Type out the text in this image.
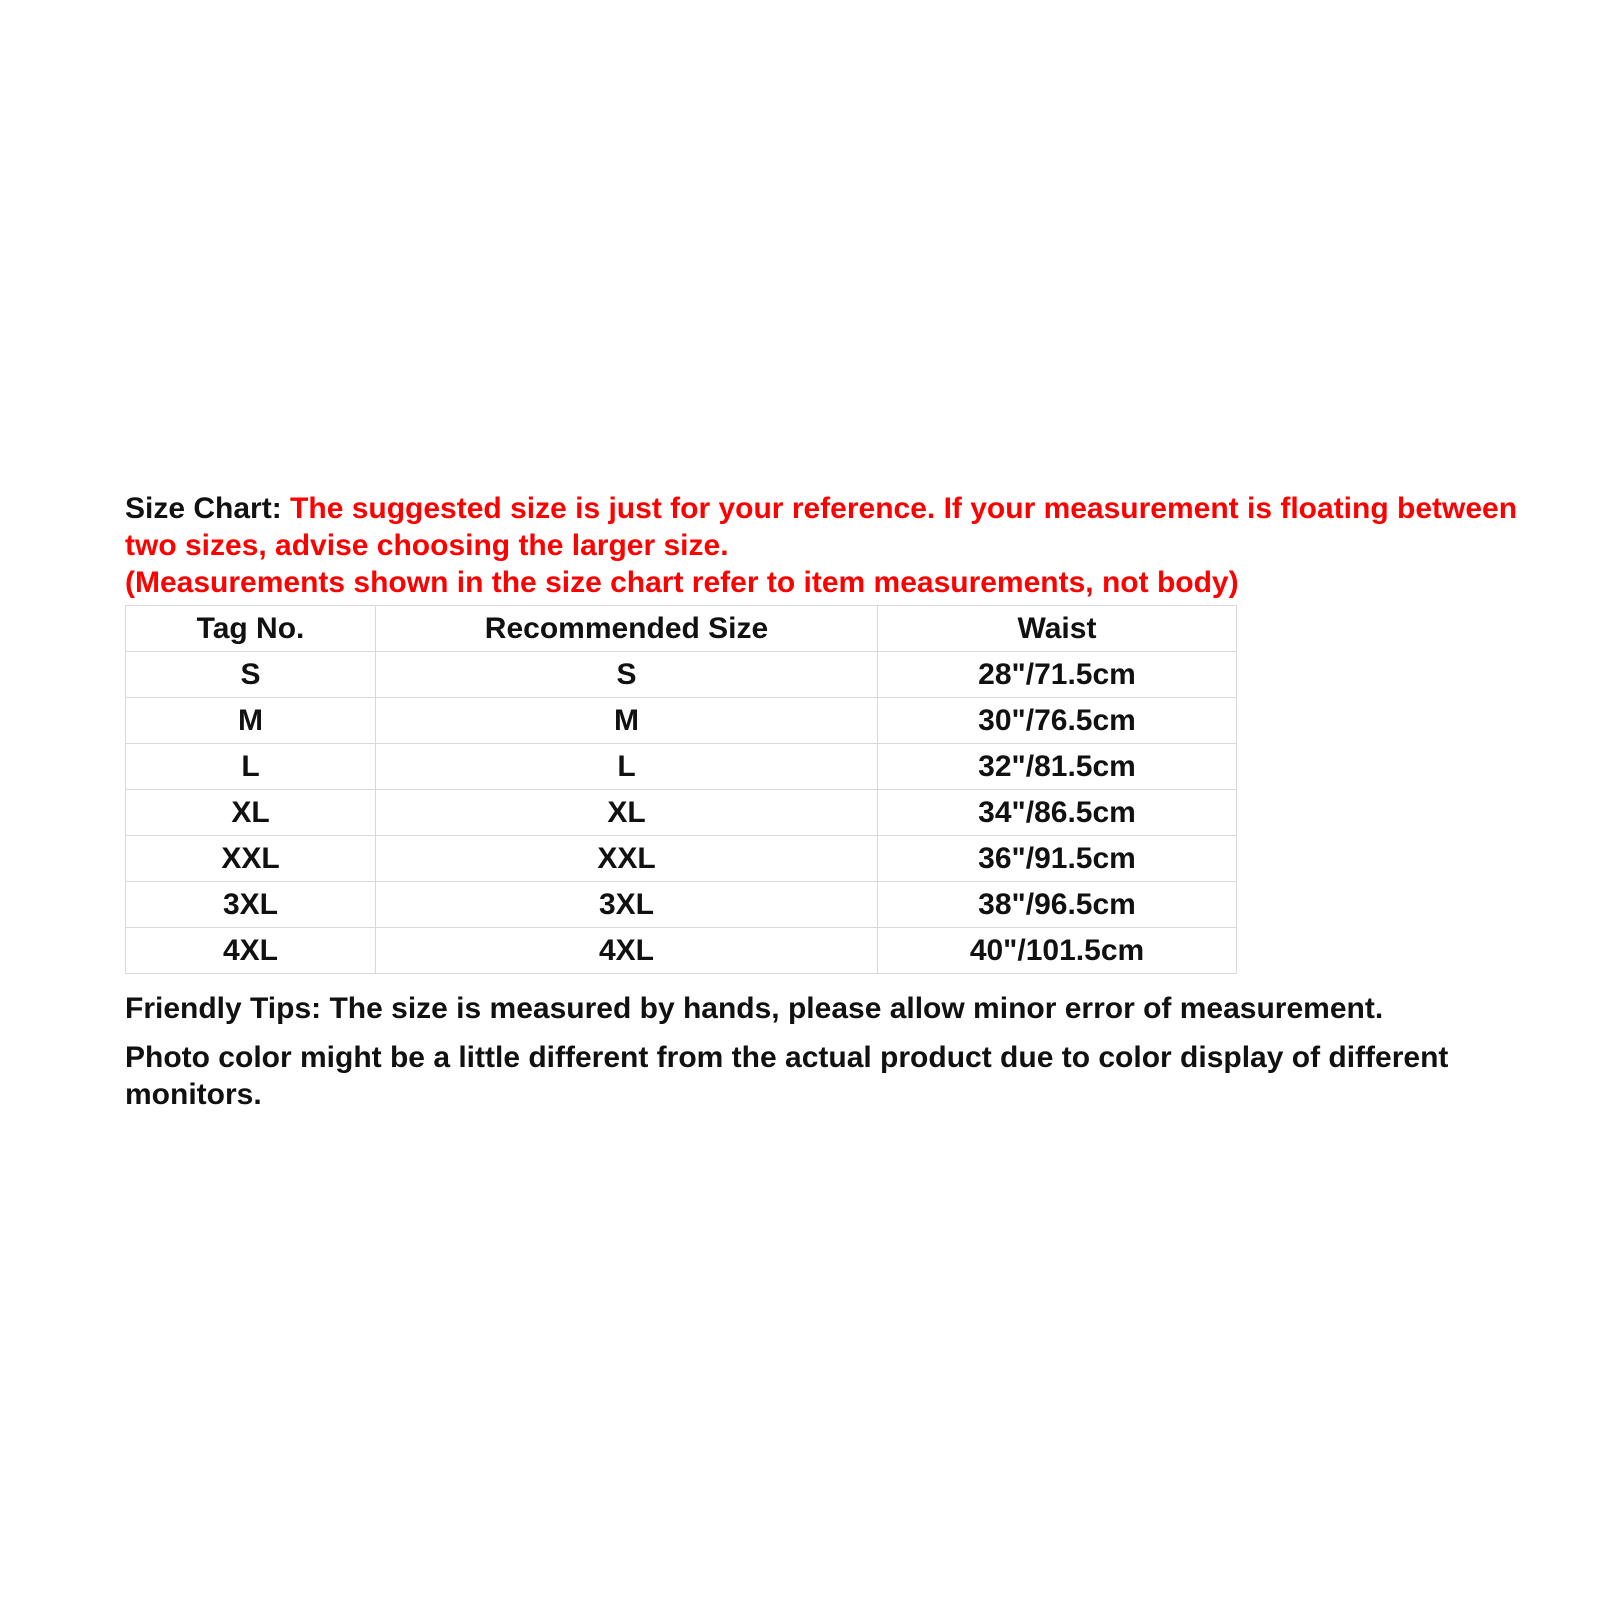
Size Chart: The suggested size is just for your reference. If your measurement is floating between two sizes, advise choosing the larger size.

(Measurements shown in the size chart refer to item measurements, not body)

Tag No.	Recommended Size	Waist
S	S	28"/71.5cm
M	M	30"/76.5cm
L	L	32"/81.5cm
XL	XL	34"/86.5cm
XXL	XXL	36"/91.5cm
3XL	3XL	38"/96.5cm
4XL	4XL	40"/101.5cm

Friendly Tips: The size is measured by hands, please allow minor error of measurement.

Photo color might be a little different from the actual product due to color display of different monitors.
